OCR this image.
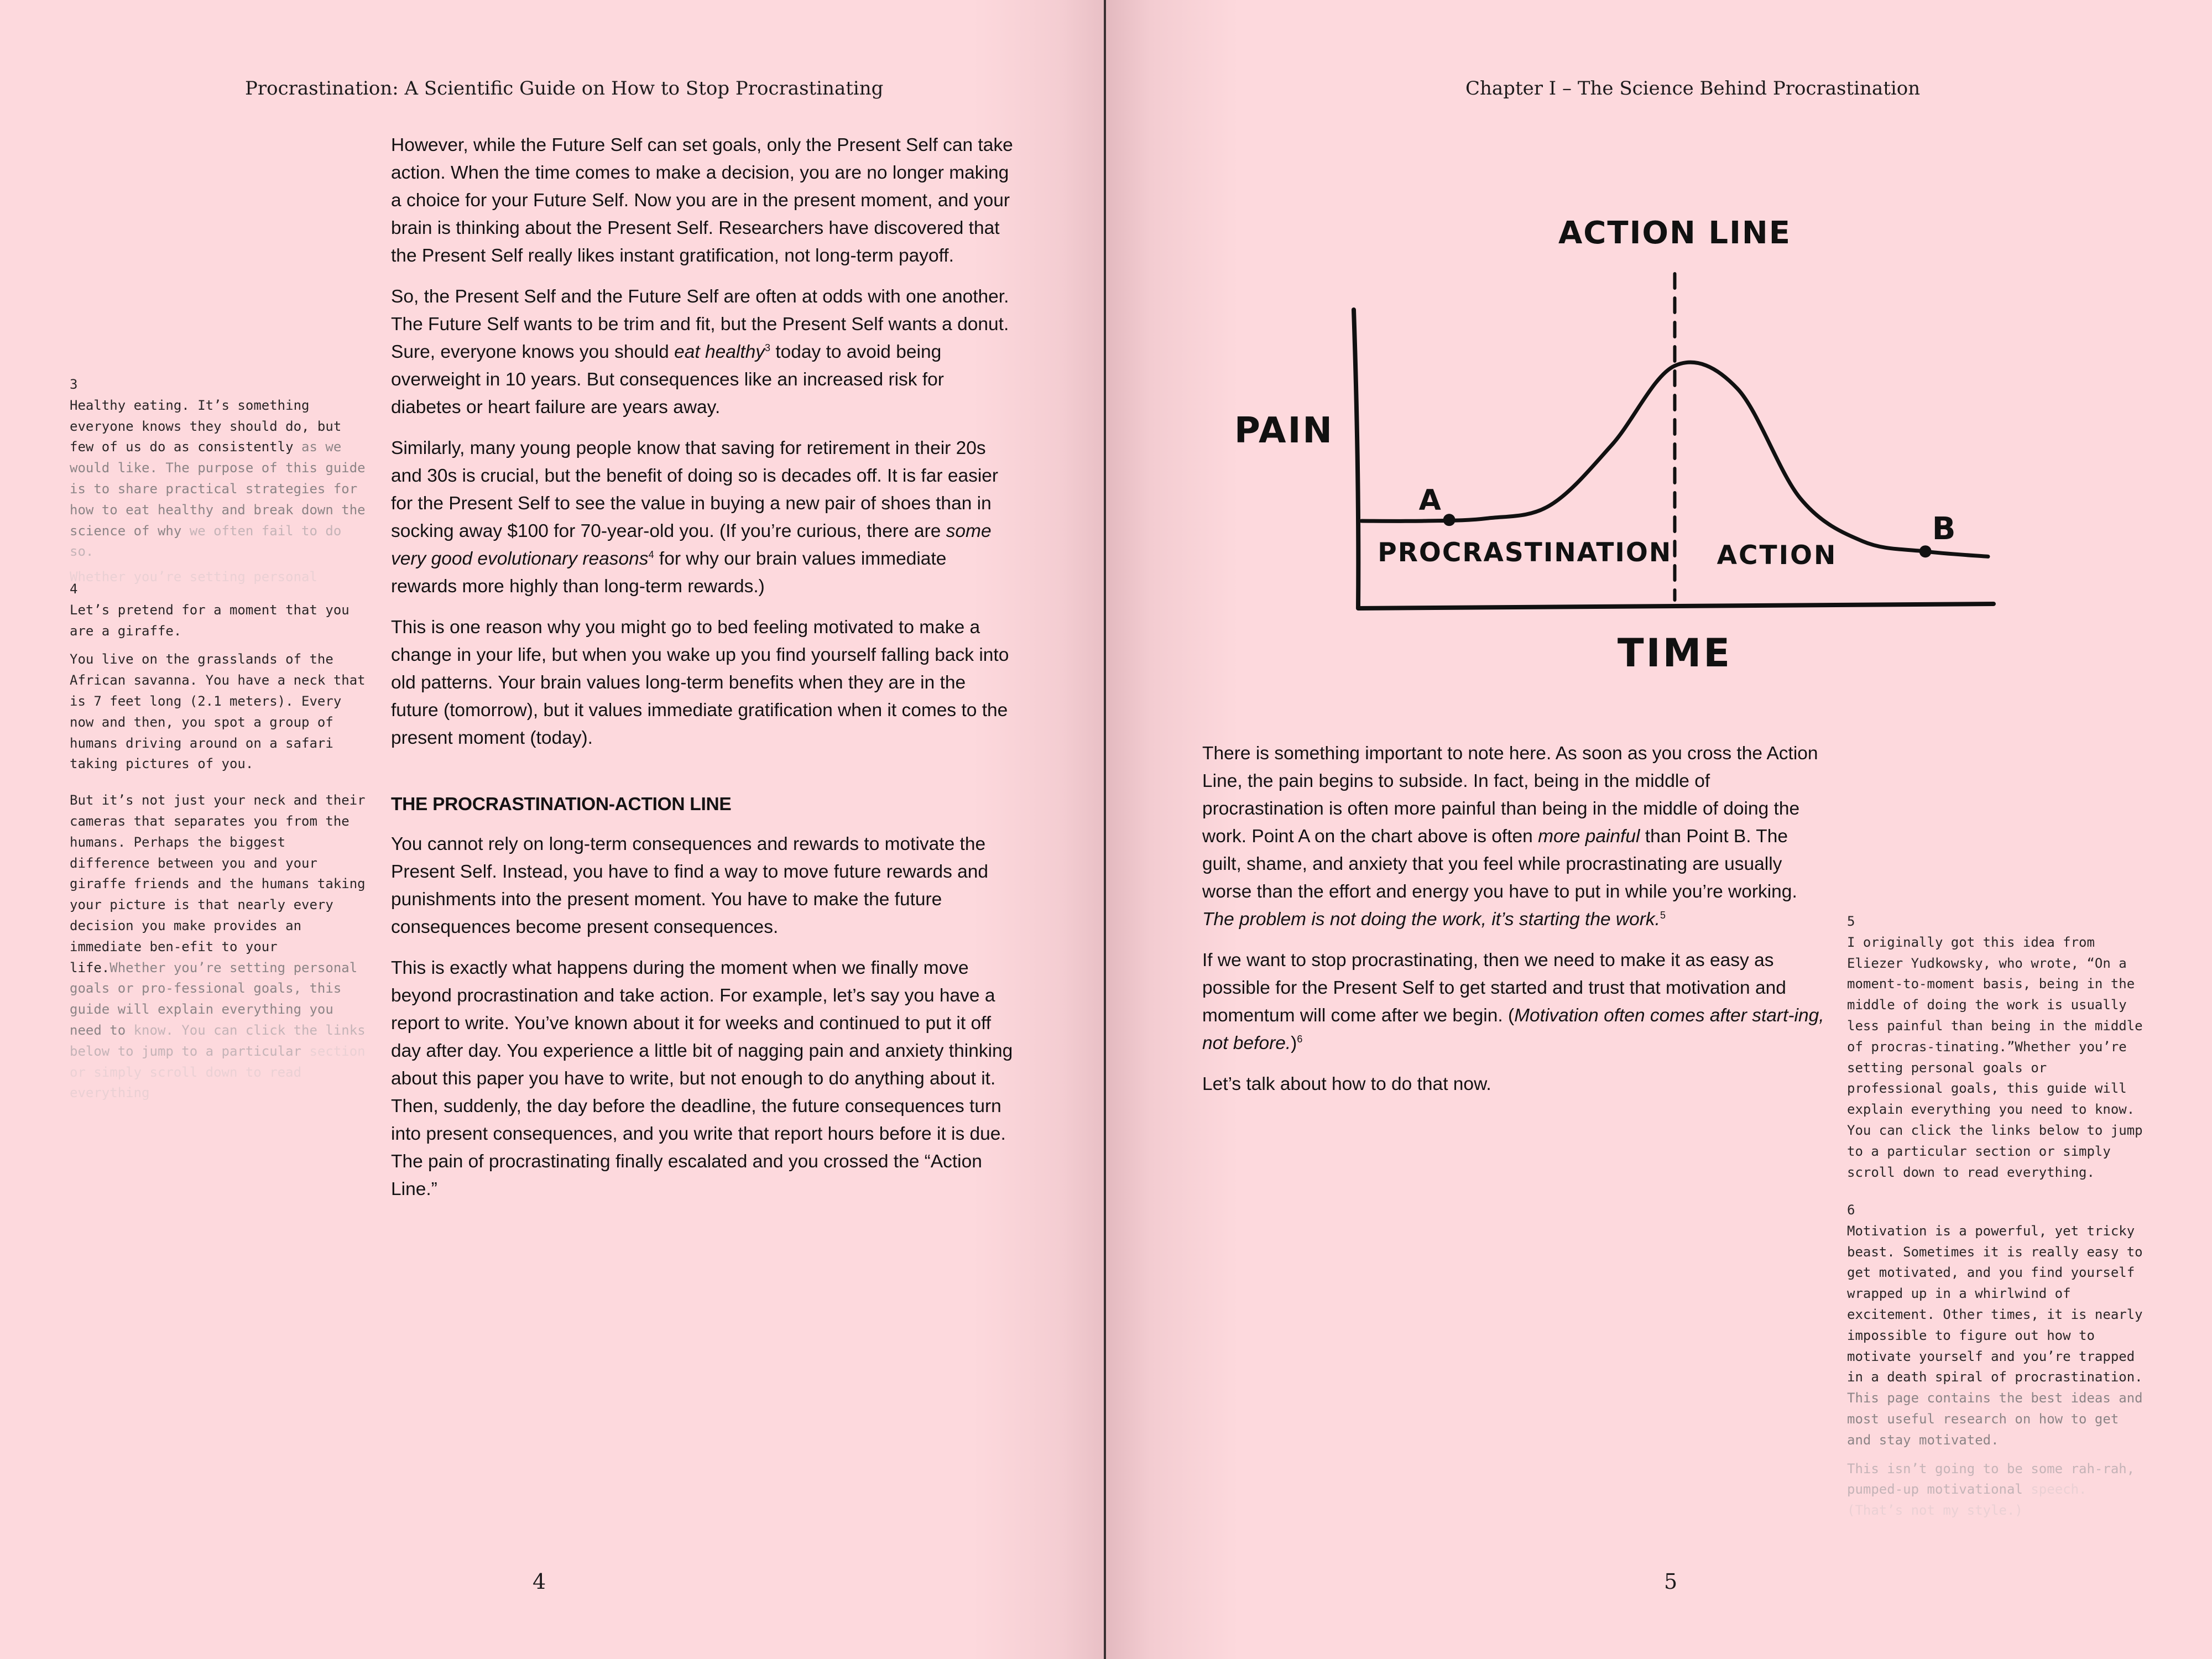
Procrastination: A Scientific Guide on How to Stop Procrastinating
3
Healthy eating. It’s something everyone knows they should do, but few of us do as consistently as we would like. The purpose of this guide is to share practical strategies for how to eat healthy and break down the science of why we often fail to do so.
Whether you’re setting personal
4

Let’s pretend for a moment that you are a giraffe.

You live on the grasslands of the African savanna. You have a neck that is 7 feet long (2.1 meters). Every now and then, you spot a group of humans driving around on a safari taking pictures of you.

But it’s not just your neck and their cameras that separates you from the humans. Perhaps the biggest difference between you and your giraffe friends and the humans taking your picture is that nearly every decision you make provides an immediate ben-efit to your life.Whether you’re setting personal goals or pro-fessional goals, this guide will explain everything you need to know. You can click the links below to jump to a particular section or simply scroll down to read everything

However, while the Future Self can set goals, only the Present Self can take action. When the time comes to make a decision, you are no longer making a choice for your Future Self. Now you are in the present moment, and your brain is thinking about the Present Self. Researchers have discovered that the Present Self really likes instant gratification, not long-term payoff.

So, the Present Self and the Future Self are often at odds with one another. The Future Self wants to be trim and fit, but the Present Self wants a donut. Sure, everyone knows you should eat healthy$^3$ today to avoid being overweight in 10 years. But consequences like an increased risk for diabetes or heart failure are years away.

Similarly, many young people know that saving for retirement in their 20s and 30s is crucial, but the benefit of doing so is decades off. It is far easier for the Present Self to see the value in buying a new pair of shoes than in socking away $100 for 70-year-old you. (If you’re curious, there are some very good evolutionary reasons$^4$ for why our brain values immediate rewards more highly than long-term rewards.)

This is one reason why you might go to bed feeling motivated to make a change in your life, but when you wake up you find yourself falling back into old patterns. Your brain values long-term benefits when they are in the future (tomorrow), but it values immediate gratification when it comes to the present moment (today).

THE PROCRASTINATION-ACTION LINE

You cannot rely on long-term consequences and rewards to motivate the Present Self. Instead, you have to find a way to move future rewards and punishments into the present moment. You have to make the future consequences become present consequences.

This is exactly what happens during the moment when we finally move beyond procrastination and take action. For example, let’s say you have a report to write. You’ve known about it for weeks and continued to put it off day after day. You experience a little bit of nagging pain and anxiety thinking about this paper you have to write, but not enough to do anything about it. Then, suddenly, the day before the deadline, the future consequences turn into present consequences, and you write that report hours before it is due. The pain of procrastinating finally escalated and you crossed the “Action Line.”

4
Chapter I – The Science Behind Procrastination
A
B
ACTION LINE
PAIN
TIME
PROCRASTINATION ACTION

There is something important to note here. As soon as you cross the Action Line, the pain begins to subside. In fact, being in the middle of procrastination is often more painful than being in the middle of doing the work. Point A on the chart above is often more painful than Point B. The guilt, shame, and anxiety that you feel while procrastinating are usually worse than the effort and energy you have to put in while you’re working. The problem is not doing the work, it’s starting the work.$^5$

If we want to stop procrastinating, then we need to make it as easy as possible for the Present Self to get started and trust that motivation and momentum will come after we begin. (Motivation often comes after start-ing, not before.)$^6$

Let’s talk about how to do that now.

5
I originally got this idea from Eliezer Yudkowsky, who wrote, “On a moment-to-moment basis, being in the middle of doing the work is usually less painful than being in the middle of procras-tinating.”Whether you’re setting personal goals or professional goals, this guide will explain everything you need to know. You can click the links below to jump to a particular section or simply scroll down to read everything.
6

Motivation is a powerful, yet tricky beast. Sometimes it is really easy to get motivated, and you find yourself wrapped up in a whirlwind of excitement. Other times, it is nearly impossible to figure out how to motivate yourself and you’re trapped in a death spiral of procrastination. This page contains the best ideas and most useful research on how to get and stay motivated.

This isn’t going to be some rah-rah, pumped-up motivational speech. (That’s not my style.)
5
